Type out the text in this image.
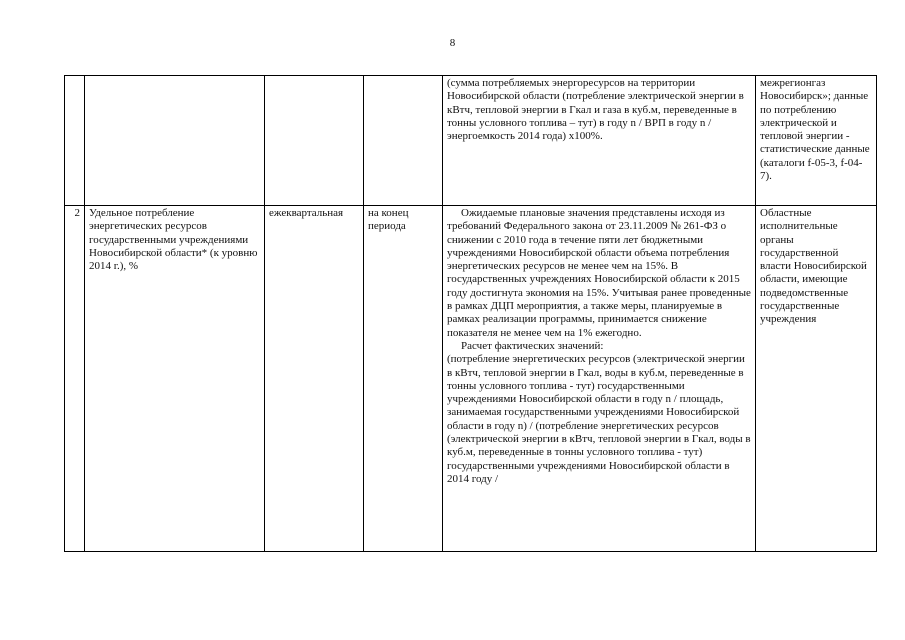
8

				(сумма потребляемых энергоресурсов на территории Новосибирской области (потребление электрической энергии в кВтч, тепловой энергии в Гкал и газа в куб.м, переведенные в тонны условного топлива – тут) в году n / ВРП в году n /энергоемкость 2014 года) х100%.	межрегионгаз Новосибирск»; данные по потреблению электрической и тепловой энергии - статистические данные (каталоги f-05-3, f-04-7).
2	Удельное потребление энергетических ресурсов государственными учреждениями Новосибирской области* (к уровню 2014 г.), %	ежеквартальная	на конец периода	Ожидаемые плановые значения представлены исходя из требований Федерального закона от 23.11.2009 № 261-ФЗ о снижении с 2010 года в течение пяти лет бюджетными учреждениями Новосибирской области объема потребления энергетических ресурсов не менее чем на 15%. В государственных учреждениях Новосибирской области к 2015 году достигнута экономия на 15%. Учитывая ранее проведенные в рамках ДЦП мероприятия, а также меры, планируемые в рамках реализации программы, принимается снижение показателя не менее чем на 1% ежегодно.

Расчет фактических значений:

(потребление энергетических ресурсов (электрической энергии в кВтч, тепловой энергии в Гкал, воды в куб.м, переведенные в тонны условного топлива - тут) государственными учреждениями Новосибирской области в году n / площадь, занимаемая государственными учреждениями Новосибирской области в году n) / (потребление энергетических ресурсов (электрической энергии в кВтч, тепловой энергии в Гкал, воды в куб.м, переведенные в тонны условного топлива - тут) государственными учреждениями Новосибирской области в 2014 году /	Областные исполнительные органы государственной власти Новосибирской области, имеющие подведомственные государственные учреждения
